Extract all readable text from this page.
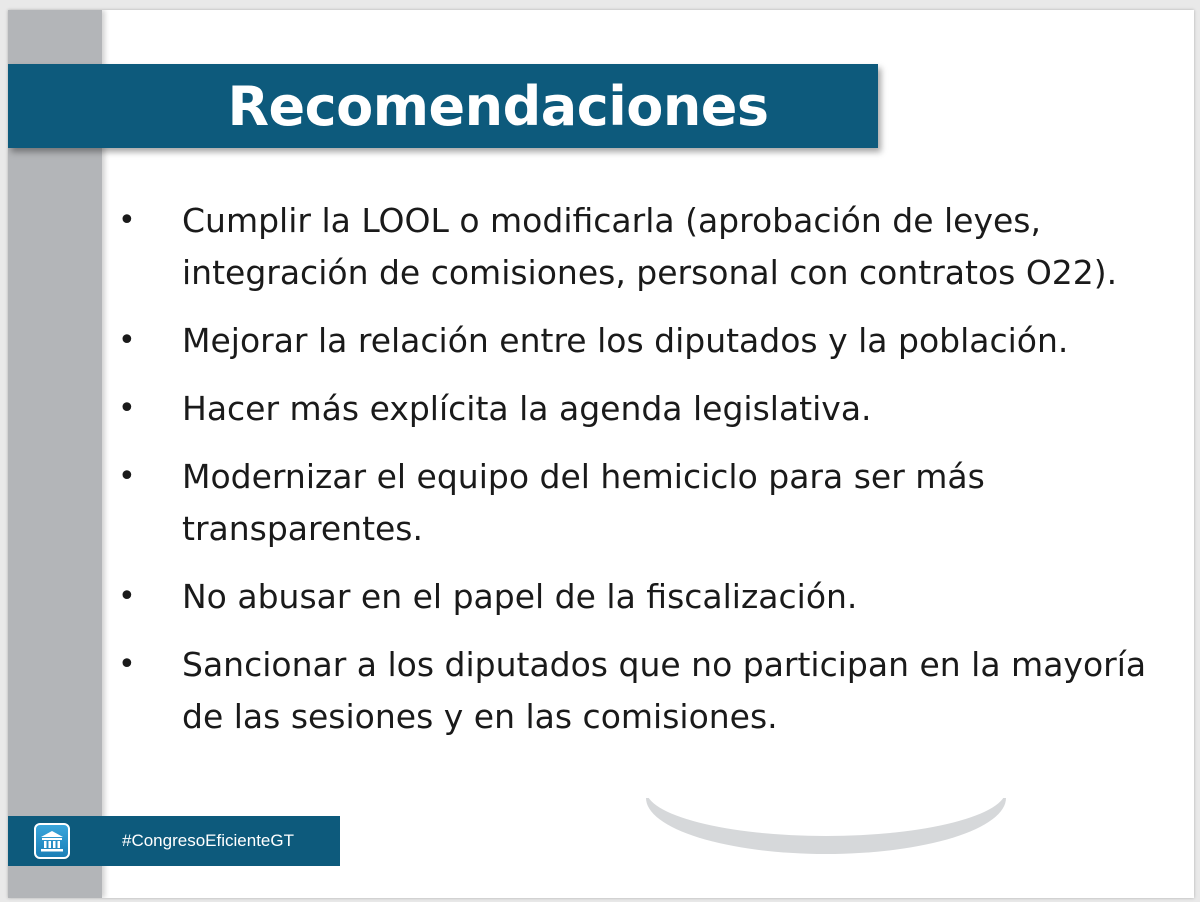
Recomendaciones
• Cumplir la LOOL o modificarla (aprobación de leyes, integración de comisiones, personal con contratos O22).
• Mejorar la relación entre los diputados y la población.
• Hacer más explícita la agenda legislativa.
• Modernizar el equipo del hemiciclo para ser más transparentes.
• No abusar en el papel de la fiscalización.
• Sancionar a los diputados que no participan en la mayoría de las sesiones y en las comisiones.
#CongresoEficienteGT
